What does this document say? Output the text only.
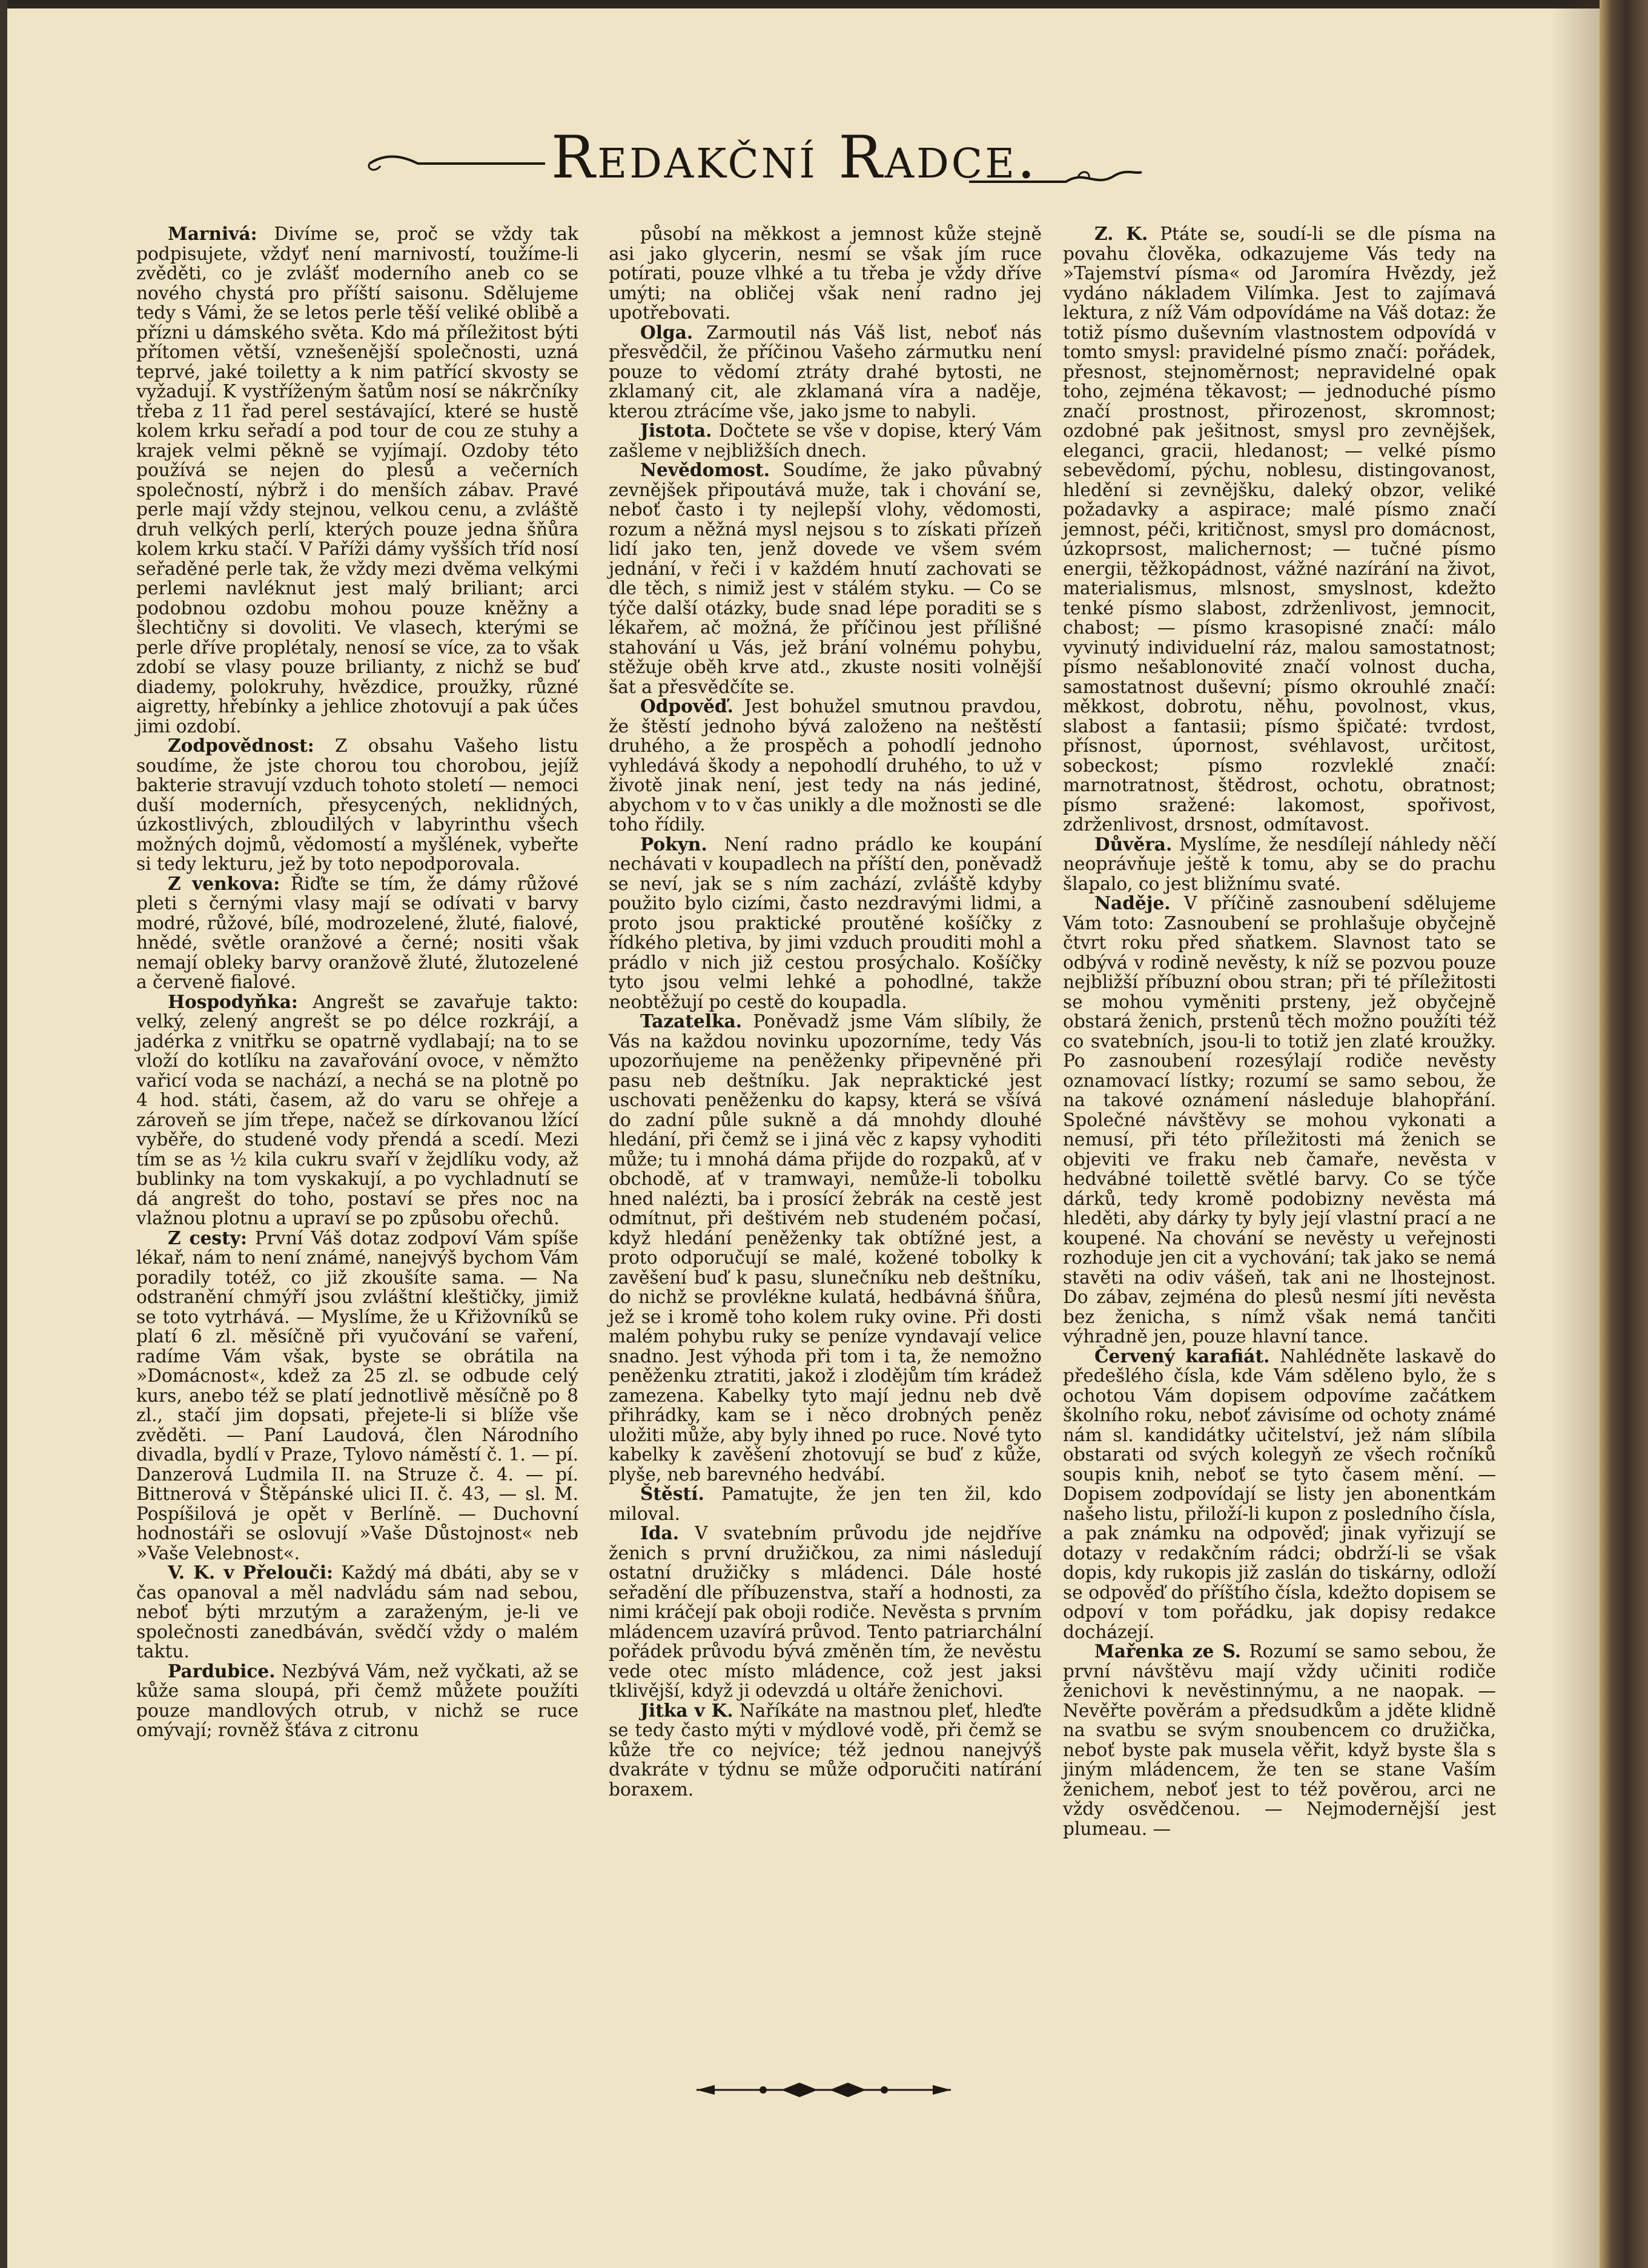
Redakční Radce.

Marnivá: Divíme se, proč se vždy tak podpisujete, vždyť není marnivostí, toužíme-li zvěděti, co je zvlášť moderního aneb co se nového chystá pro příští saisonu. Sdělujeme tedy s Vámi, že se letos perle těší veliké oblibě a přízni u dámského světa. Kdo má příležitost býti přítomen větší, vznešenější společnosti, uzná teprvé, jaké toiletty a k nim patřící skvosty se vyžadují. K vystříženým šatům nosí se nákrčníky třeba z 11 řad perel sestávající, které se hustě kolem krku seřadí a pod tour de cou ze stuhy a krajek velmi pěkně se vyjímají. Ozdoby této používá se nejen do plesů a večerních společností, nýbrž i do menších zábav. Pravé perle mají vždy stejnou, velkou cenu, a zvláště druh velkých perlí, kterých pouze jedna šňůra kolem krku stačí. V Paříži dámy vyšších tříd nosí seřaděné perle tak, že vždy mezi dvěma velkými perlemi navléknut jest malý briliant; arci podobnou ozdobu mohou pouze kněžny a šlechtičny si dovoliti. Ve vlasech, kterými se perle dříve proplétaly, nenosí se více, za to však zdobí se vlasy pouze brilianty, z nichž se buď diademy, polokruhy, hvězdice, proužky, různé aigretty, hřebínky a jehlice zhotovují a pak účes jimi ozdobí.

Zodpovědnost: Z obsahu Vašeho listu soudíme, že jste chorou tou chorobou, jejíž bakterie stravují vzduch tohoto století — nemoci duší moderních, přesycených, neklidných, úzkostlivých, zbloudilých v labyrinthu všech možných dojmů, vědomostí a myšlének, vybeřte si tedy lekturu, jež by toto nepodporovala.

Z venkova: Řiďte se tím, že dámy růžové pleti s černými vlasy mají se odívati v barvy modré, růžové, bílé, modrozelené, žluté, fialové, hnědé, světle oranžové a černé; nositi však nemají obleky barvy oranžově žluté, žlutozelené a červeně fialové.

Hospodyňka: Angrešt se zavařuje takto: velký, zelený angrešt se po délce rozkrájí, a jadérka z vnitřku se opatrně vydlabají; na to se vloží do kotlíku na zavařování ovoce, v němžto vařicí voda se nachází, a nechá se na plotně po 4 hod. státi, časem, až do varu se ohřeje a zároveň se jím třepe, načež se dírkovanou lžící vyběře, do studené vody přendá a scedí. Mezi tím se as ½ kila cukru svaří v žejdlíku vody, až bublinky na tom vyskakují, a po vychladnutí se dá angrešt do toho, postaví se přes noc na vlažnou plotnu a upraví se po způsobu ořechů.

Z cesty: První Váš dotaz zodpoví Vám spíše lékař, nám to není známé, nanejvýš bychom Vám poradily totéž, co již zkoušíte sama. — Na odstranění chmýří jsou zvláštní kleštičky, jimiž se toto vytrhává. — Myslíme, že u Křižovníků se platí 6 zl. měsíčně při vyučování se vaření, radíme Vám však, byste se obrátila na »Domácnost«, kdež za 25 zl. se odbude celý kurs, anebo též se platí jednotlivě měsíčně po 8 zl., stačí jim dopsati, přejete-li si blíže vše zvěděti. — Paní Laudová, člen Národního divadla, bydlí v Praze, Tylovo náměstí č. 1. — pí. Danzerová Ludmila II. na Struze č. 4. — pí. Bittnerová v Štěpánské ulici II. č. 43, — sl. M. Pospíšilová je opět v Berlíně. — Duchovní hodnostáři se oslovují »Vaše Důstojnost« neb »Vaše Velebnost«.

V. K. v Přelouči: Každý má dbáti, aby se v čas opanoval a měl nadvládu sám nad sebou, neboť býti mrzutým a zaraženým, je-li ve společnosti zanedbáván, svědčí vždy o malém taktu.

Pardubice. Nezbývá Vám, než vyčkati, až se kůže sama sloupá, při čemž můžete použíti pouze mandlových otrub, v nichž se ruce omývají; rovněž šťáva z citronu

působí na měkkost a jemnost kůže stejně asi jako glycerin, nesmí se však jím ruce potírati, pouze vlhké a tu třeba je vždy dříve umýti; na obličej však není radno jej upotřebovati.

Olga. Zarmoutil nás Váš list, neboť nás přesvědčil, že příčinou Vašeho zármutku není pouze to vědomí ztráty drahé bytosti, ne zklamaný cit, ale zklamaná víra a naděje, kterou ztrácíme vše, jako jsme to nabyli.

Jistota. Dočtete se vše v dopise, který Vám zašleme v nejbližších dnech.

Nevědomost. Soudíme, že jako půvabný zevnějšek připoutává muže, tak i chování se, neboť často i ty nejlepší vlohy, vědomosti, rozum a něžná mysl nejsou s to získati přízeň lidí jako ten, jenž dovede ve všem svém jednání, v řeči i v každém hnutí zachovati se dle těch, s nimiž jest v stálém styku. — Co se týče další otázky, bude snad lépe poraditi se s lékařem, ač možná, že příčinou jest přílišné stahování u Vás, jež brání volnému pohybu, stěžuje oběh krve atd., zkuste nositi volnější šat a přesvědčíte se.

Odpověď. Jest bohužel smutnou pravdou, že štěstí jednoho bývá založeno na neštěstí druhého, a že prospěch a pohodlí jednoho vyhledává škody a nepohodlí druhého, to už v životě jinak není, jest tedy na nás jediné, abychom v to v čas unikly a dle možnosti se dle toho řídily.

Pokyn. Není radno prádlo ke koupání nechávati v koupadlech na příští den, poněvadž se neví, jak se s ním zachází, zvláště kdyby použito bylo cizími, často nezdravými lidmi, a proto jsou praktické proutěné košíčky z řídkého pletiva, by jimi vzduch prouditi mohl a prádlo v nich již cestou prosýchalo. Košíčky tyto jsou velmi lehké a pohodlné, takže neobtěžují po cestě do koupadla.

Tazatelka. Poněvadž jsme Vám slíbily, že Vás na každou novinku upozorníme, tedy Vás upozorňujeme na peněženky připevněné při pasu neb deštníku. Jak nepraktické jest uschovati peněženku do kapsy, která se všívá do zadní půle sukně a dá mnohdy dlouhé hledání, při čemž se i jiná věc z kapsy vyhoditi může; tu i mnohá dáma přijde do rozpaků, ať v obchodě, ať v tramwayi, nemůže-li tobolku hned nalézti, ba i prosící žebrák na cestě jest odmítnut, při deštivém neb studeném počasí, když hledání peněženky tak obtížné jest, a proto odporučují se malé, kožené tobolky k zavěšení buď k pasu, slunečníku neb deštníku, do nichž se provlékne kulatá, hedbávná šňůra, jež se i kromě toho kolem ruky ovine. Při dosti malém pohybu ruky se peníze vyndavají velice snadno. Jest výhoda při tom i ta, že nemožno peněženku ztratiti, jakož i zlodějům tím krádež zamezena. Kabelky tyto mají jednu neb dvě přihrádky, kam se i něco drobných peněz uložiti může, aby byly ihned po ruce. Nové tyto kabelky k zavěšení zhotovují se buď z kůže, plyše, neb barevného hedvábí.

Štěstí. Pamatujte, že jen ten žil, kdo miloval.

Ida. V svatebním průvodu jde nejdříve ženich s první družičkou, za nimi následují ostatní družičky s mládenci. Dále hosté seřadění dle příbuzenstva, staří a hodnosti, za nimi kráčejí pak oboji rodiče. Nevěsta s prvním mládencem uzavírá průvod. Tento patriarchální pořádek průvodu bývá změněn tím, že nevěstu vede otec místo mládence, což jest jaksi tklivější, když ji odevzdá u oltáře ženichovi.

Jitka v K. Naříkáte na mastnou pleť, hleďte se tedy často mýti v mýdlové vodě, při čemž se kůže tře co nejvíce; též jednou nanejvýš dvakráte v týdnu se může odporučiti natírání boraxem.

Z. K. Ptáte se, soudí-li se dle písma na povahu člověka, odkazujeme Vás tedy na »Tajemství písma« od Jaromíra Hvězdy, jež vydáno nákladem Vilímka. Jest to zajímavá lektura, z níž Vám odpovídáme na Váš dotaz: že totiž písmo duševním vlastnostem odpovídá v tomto smysl: pravidelné písmo značí: pořádek, přesnost, stejnoměrnost; nepravidelné opak toho, zejména těkavost; — jednoduché písmo značí prostnost, přirozenost, skromnost; ozdobné pak ješitnost, smysl pro zevnějšek, eleganci, gracii, hledanost; — velké písmo sebevědomí, pýchu, noblesu, distingovanost, hledění si zevnějšku, daleký obzor, veliké požadavky a aspirace; malé písmo značí jemnost, péči, kritičnost, smysl pro domácnost, úzkoprsost, malichernost; — tučné písmo energii, těžkopádnost, vážné nazírání na život, materialismus, mlsnost, smyslnost, kdežto tenké písmo slabost, zdrženlivost, jemnocit, chabost; — písmo krasopisné značí: málo vyvinutý individuelní ráz, malou samostatnost; písmo nešablonovité značí volnost ducha, samostatnost duševní; písmo okrouhlé značí: měkkost, dobrotu, něhu, povolnost, vkus, slabost a fantasii; písmo špičaté: tvrdost, přísnost, úpornost, svéhlavost, určitost, sobeckost; písmo rozvleklé značí: marnotratnost, štědrost, ochotu, obratnost; písmo sražené: lakomost, spořivost, zdrženlivost, drsnost, odmítavost.

Důvěra. Myslíme, že nesdílejí náhledy něčí neoprávňuje ještě k tomu, aby se do prachu šlapalo, co jest bližnímu svaté.

Naděje. V příčině zasnoubení sdělujeme Vám toto: Zasnoubení se prohlašuje obyčejně čtvrt roku před sňatkem. Slavnost tato se odbývá v rodině nevěsty, k níž se pozvou pouze nejbližší příbuzní obou stran; při té příležitosti se mohou vyměniti prsteny, jež obyčejně obstará ženich, prstenů těch možno použíti též co svatebních, jsou-li to totiž jen zlaté kroužky. Po zasnoubení rozesýlají rodiče nevěsty oznamovací lístky; rozumí se samo sebou, že na takové oznámení následuje blahopřání. Společné návštěvy se mohou vykonati a nemusí, při této příležitosti má ženich se objeviti ve fraku neb čamaře, nevěsta v hedvábné toilettě světlé barvy. Co se týče dárků, tedy kromě podobizny nevěsta má hleděti, aby dárky ty byly její vlastní prací a ne koupené. Na chování se nevěsty u veřejnosti rozhoduje jen cit a vychování; tak jako se nemá stavěti na odiv vášeň, tak ani ne lhostejnost. Do zábav, zejména do plesů nesmí jíti nevěsta bez ženicha, s nímž však nemá tančiti výhradně jen, pouze hlavní tance.

Červený karafiát. Nahlédněte laskavě do předešlého čísla, kde Vám sděleno bylo, že s ochotou Vám dopisem odpovíme začátkem školního roku, neboť závisíme od ochoty známé nám sl. kandidátky učitelství, jež nám slíbila obstarati od svých kolegyň ze všech ročníků soupis knih, neboť se tyto časem mění. — Dopisem zodpovídají se listy jen abonentkám našeho listu, přiloží-li kupon z posledního čísla, a pak známku na odpověď; jinak vyřizují se dotazy v redakčním rádci; obdrží-li se však dopis, kdy rukopis již zaslán do tiskárny, odloží se odpověď do příštího čísla, kdežto dopisem se odpoví v tom pořádku, jak dopisy redakce docházejí.

Mařenka ze S. Rozumí se samo sebou, že první návštěvu mají vždy učiniti rodiče ženichovi k nevěstinnýmu, a ne naopak. — Nevěřte pověrám a předsudkům a jděte klidně na svatbu se svým snoubencem co družička, neboť byste pak musela věřit, když byste šla s jiným mládencem, že ten se stane Vaším ženichem, neboť jest to též pověrou, arci ne vždy osvědčenou. — Nejmodernější jest plumeau. —
